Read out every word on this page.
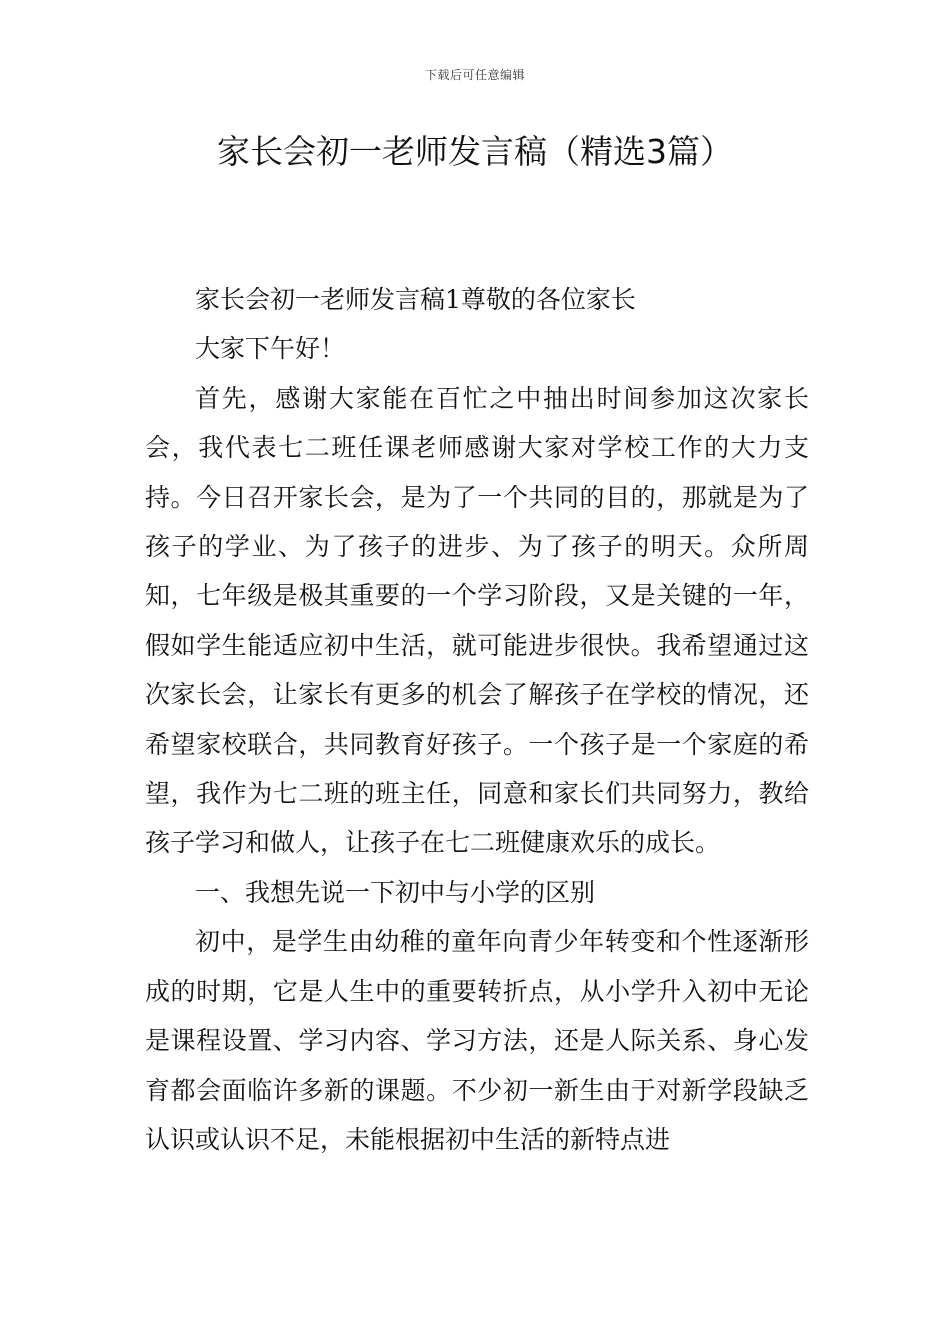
下载后可任意编辑
家长会初一老师发言稿（精选3篇）

家长会初一老师发言稿1尊敬的各位家长

大家下午好！

首先，感谢大家能在百忙之中抽出时间参加这次家长会，我代表七二班任课老师感谢大家对学校工作的大力支持。今日召开家长会，是为了一个共同的目的，那就是为了孩子的学业、为了孩子的进步、为了孩子的明天。众所周知，七年级是极其重要的一个学习阶段，又是关键的一年，假如学生能适应初中生活，就可能进步很快。我希望通过这次家长会，让家长有更多的机会了解孩子在学校的情况，还希望家校联合，共同教育好孩子。一个孩子是一个家庭的希望，我作为七二班的班主任，同意和家长们共同努力，教给孩子学习和做人，让孩子在七二班健康欢乐的成长。

一、我想先说一下初中与小学的区别

初中，是学生由幼稚的童年向青少年转变和个性逐渐形成的时期，它是人生中的重要转折点，从小学升入初中无论是课程设置、学习内容、学习方法，还是人际关系、身心发育都会面临许多新的课题。不少初一新生由于对新学段缺乏认识或认识不足，未能根据初中生活的新特点进
